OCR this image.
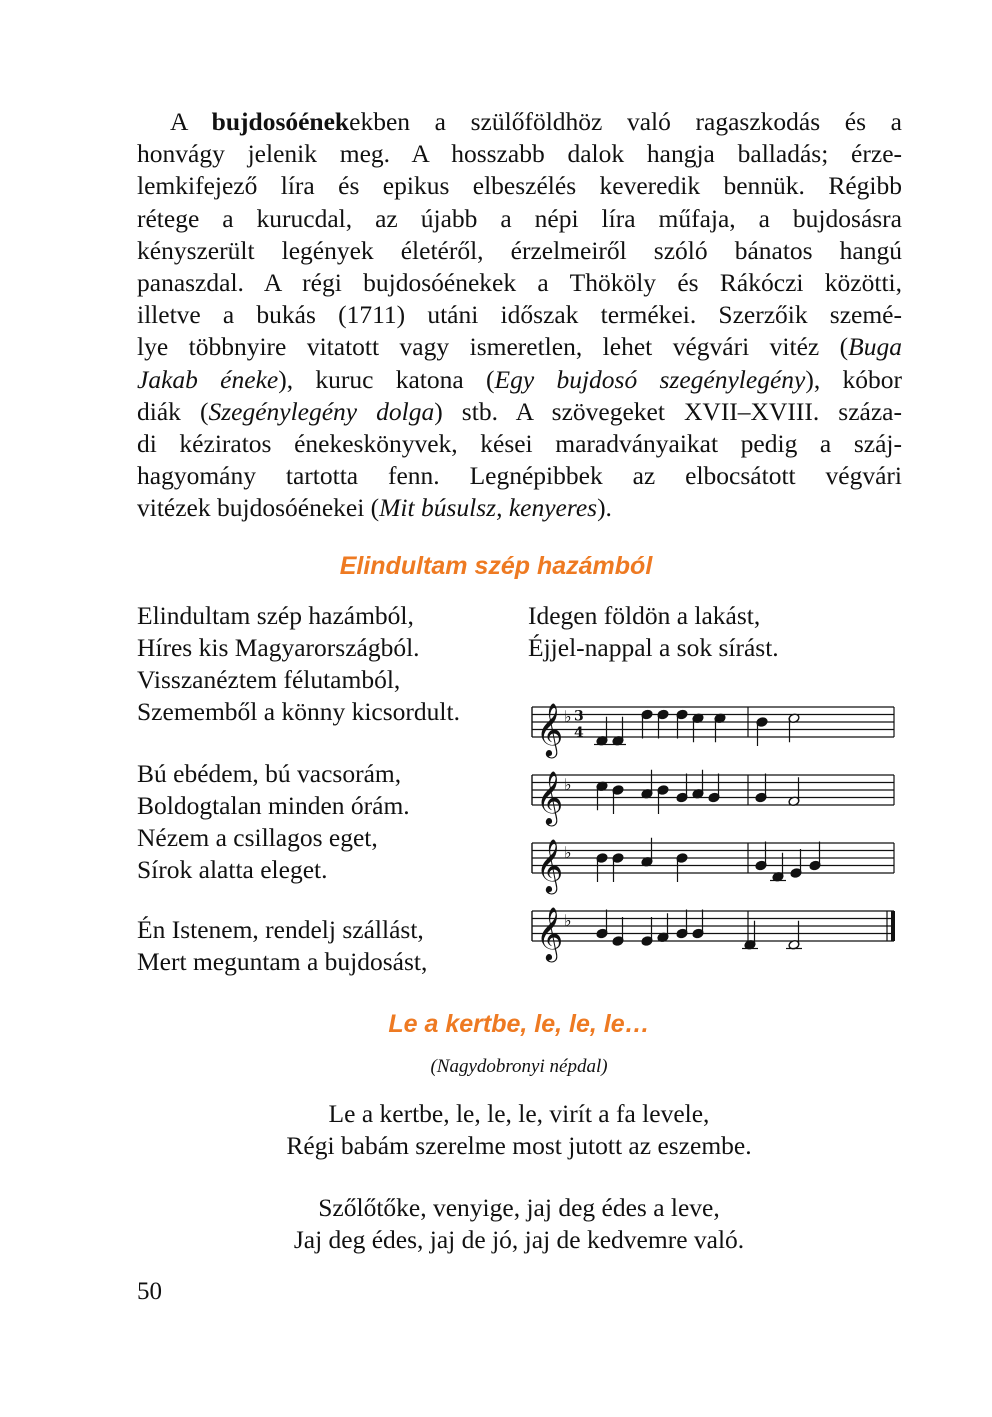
A bujdosóénekekben a szülőföldhöz való ragaszkodás és a
honvágy jelenik meg. A hosszabb dalok hangja balladás; érze-
lemkifejező líra és epikus elbeszélés keveredik bennük. Régibb
rétege a kurucdal, az újabb a népi líra műfaja, a bujdosásra
kényszerült legények életéről, érzelmeiről szóló bánatos hangú
panaszdal. A régi bujdosóénekek a Thököly és Rákóczi közötti,
illetve a bukás (1711) utáni időszak termékei. Szerzőik szemé-
lye többnyire vitatott vagy ismeretlen, lehet végvári vitéz (Buga
Jakab éneke), kuruc katona (Egy bujdosó szegénylegény), kóbor
diák (Szegénylegény dolga) stb. A szövegeket XVII–XVIII. száza-
di kéziratos énekeskönyvek, kései maradványaikat pedig a száj-
hagyomány tartotta fenn. Legnépibbek az elbocsátott végvári
vitézek bujdosóénekei (Mit búsulsz, kenyeres).
Elindultam szép hazámból
Elindultam szép hazámból,
Híres kis Magyarországból.
Visszanéztem félutamból,
Szememből a könny kicsordult.
Bú ebédem, bú vacsorám,
Boldogtalan minden órám.
Nézem a csillagos eget,
Sírok alatta eleget.
Én Istenem, rendelj szállást,
Mert meguntam a bujdosást,
Idegen földön a lakást,
Éjjel-nappal a sok sírást.
𝄞 ♭ 3
4
𝄞 ♭
𝄞 ♭
𝄞 ♭
Le a kertbe, le, le, le…
(Nagydobronyi népdal)
Le a kertbe, le, le, le, virít a fa levele,
Régi babám szerelme most jutott az eszembe.
Szőlőtőke, venyige, jaj deg édes a leve,
Jaj deg édes, jaj de jó, jaj de kedvemre való.
50
